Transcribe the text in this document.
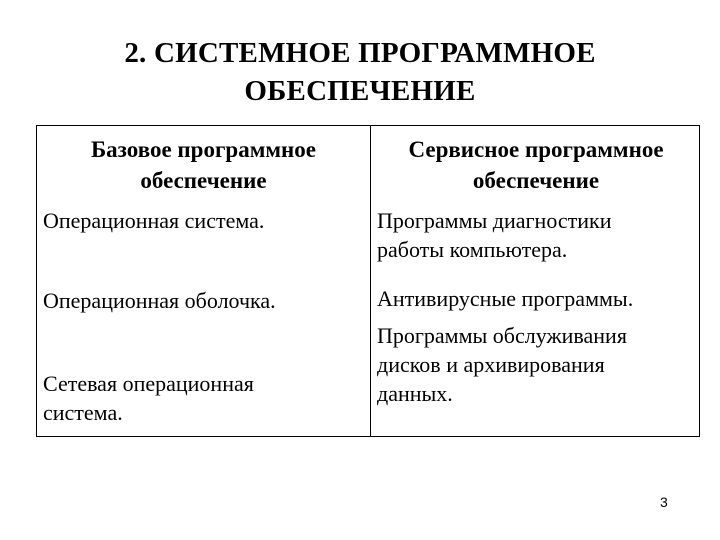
2. СИСТЕМНОЕ ПРОГРАММНОЕ
ОБЕСПЕЧЕНИЕ
Базовое программное
обеспечение
Сервисное программное
обеспечение
Операционная система.
Операционная оболочка.
Сетевая операционная
система.
Программы диагностики
работы компьютера.
Антивирусные программы.
Программы обслуживания
дисков и архивирования
данных.
3
